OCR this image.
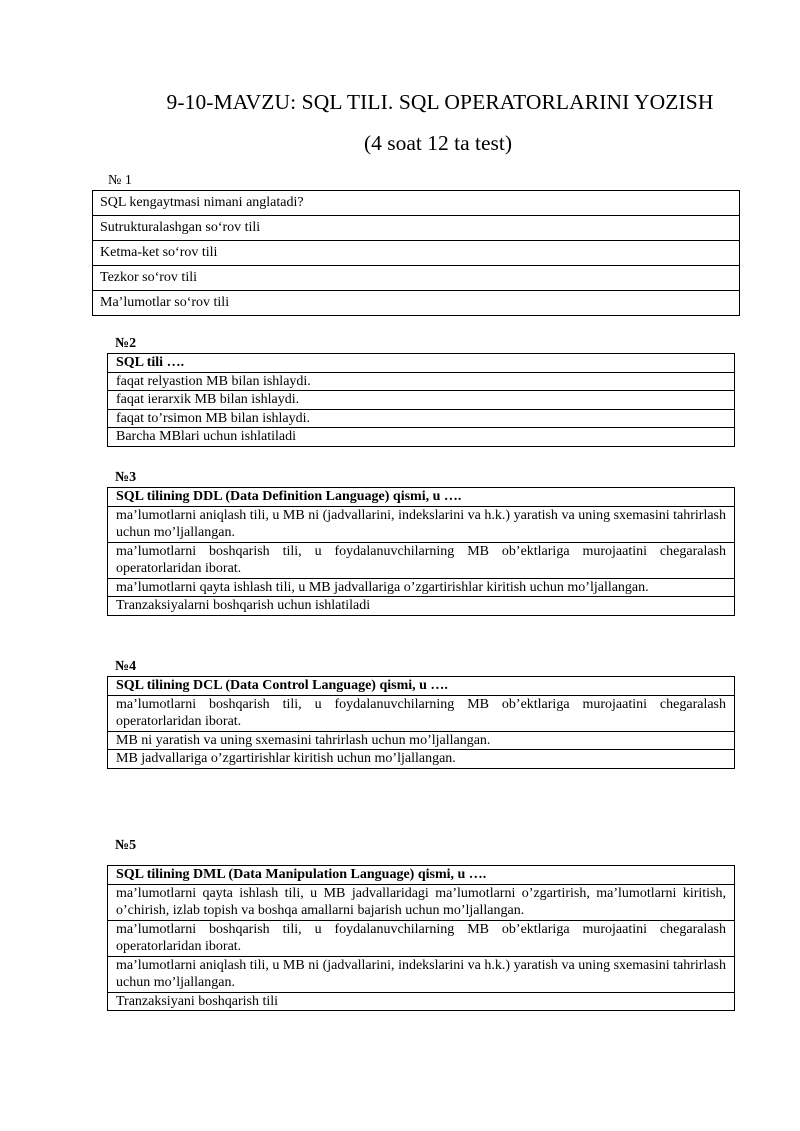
9-10-MAVZU: SQL TILI. SQL OPERATORLARINI YOZISH
(4 soat 12 ta test)
№ 1
SQL kengaytmasi nimani anglatadi?
Sutrukturalashgan so‘rov tili
Ketma-ket so‘rov tili
Tezkor so‘rov tili
Ma’lumotlar so‘rov tili
№2
SQL tili ….
faqat relyastion MB bilan ishlaydi.
faqat ierarxik MB bilan ishlaydi.
faqat to’rsimon MB bilan ishlaydi.
Barcha MBlari uchun ishlatiladi
№3
SQL tilining DDL (Data Definition Language) qismi, u ….
ma’lumotlarni aniqlash tili, u MB ni (jadvallarini, indekslarini va h.k.) yaratish va uning sxemasini tahrirlash uchun mo’ljallangan.
ma’lumotlarni boshqarish tili, u foydalanuvchilarning MB ob’ektlariga murojaatini chegaralash operatorlaridan iborat.
ma’lumotlarni qayta ishlash tili, u MB jadvallariga o’zgartirishlar kiritish uchun mo’ljallangan.
Tranzaksiyalarni boshqarish uchun ishlatiladi
№4
SQL tilining DCL (Data Control Language) qismi, u ….
ma’lumotlarni boshqarish tili, u foydalanuvchilarning MB ob’ektlariga murojaatini chegaralash operatorlaridan iborat.
MB ni yaratish va uning sxemasini tahrirlash uchun mo’ljallangan.
MB jadvallariga o’zgartirishlar kiritish uchun mo’ljallangan.
№5
SQL tilining DML (Data Manipulation Language) qismi, u ….
ma’lumotlarni qayta ishlash tili, u MB jadvallaridagi ma’lumotlarni o’zgartirish, ma’lumotlarni kiritish, o’chirish, izlab topish va boshqa amallarni bajarish uchun mo’ljallangan.
ma’lumotlarni boshqarish tili, u foydalanuvchilarning MB ob’ektlariga murojaatini chegaralash operatorlaridan iborat.
ma’lumotlarni aniqlash tili, u MB ni (jadvallarini, indekslarini va h.k.) yaratish va uning sxemasini tahrirlash uchun mo’ljallangan.
Tranzaksiyani boshqarish tili
